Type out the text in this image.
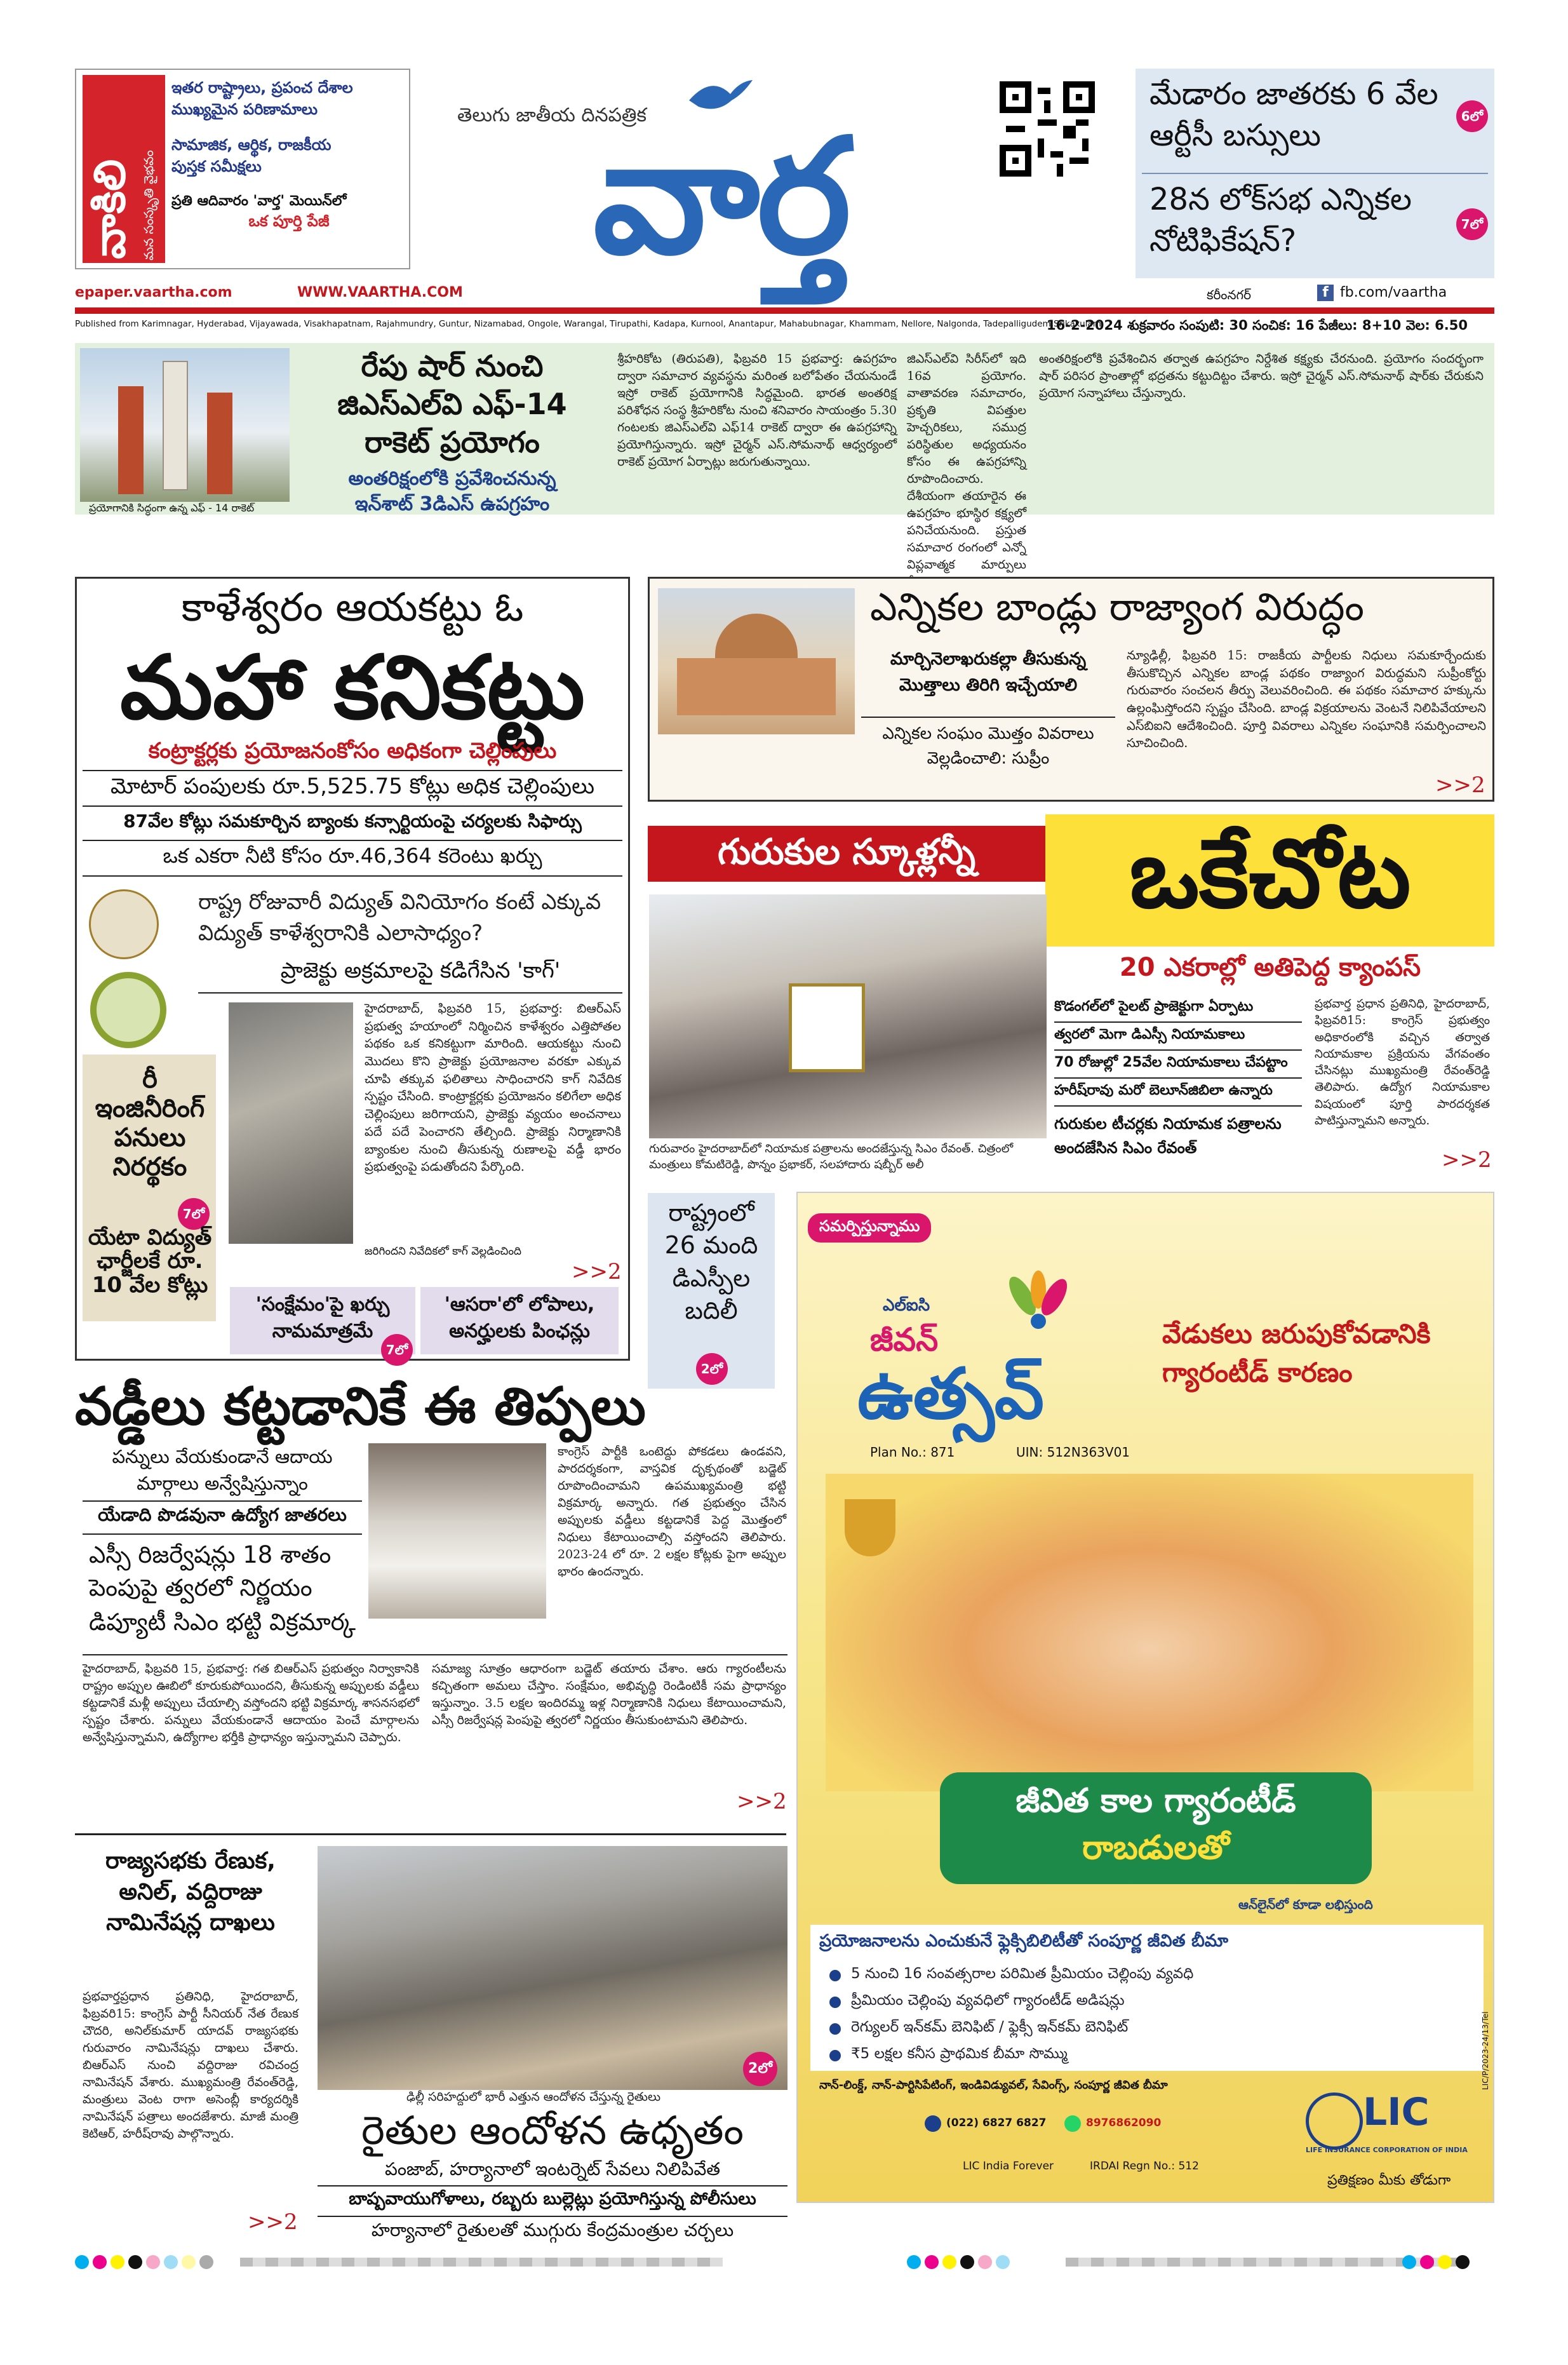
వాకిలి మన సంస్కృతి వైభవం
ఇతర రాష్ట్రాలు, ప్రపంచ దేశాల
ముఖ్యమైన పరిణామాలు
సామాజిక, ఆర్థిక, రాజకీయ
పుస్తక సమీక్షలు
ప్రతి ఆదివారం 'వార్త' మెయిన్‌లో
ఒక పూర్తి పేజీ
epaper.vaartha.com	WWW.VAARTHA.COM
తెలుగు జాతీయ దినపత్రిక
వార్త
మేడారం జాతరకు 6 వేల ఆర్టీసీ బస్సులు
6లో
28న లోక్‌సభ ఎన్నికల నోటిఫికేషన్?	7లో
కరీంనగర్	f fb.com/vaartha
Published from Karimnagar, Hyderabad, Vijayawada, Visakhapatnam, Rajahmundry, Guntur, Nizamabad, Ongole, Warangal, Tirupathi, Kadapa, Kurnool, Anantapur, Mahabubnagar, Khammam, Nellore, Nalgonda, Tadepalligudem,Srikakulam
16-2-2024 శుక్రవారం సంపుటి: 30 సంచిక: 16 పేజీలు: 8+10 వెల: 6.50
ప్రయోగానికి సిద్ధంగా ఉన్న ఎఫ్ - 14 రాకెట్
రేపు షార్ నుంచి
జిఎస్ఎల్‌వి ఎఫ్-14
రాకెట్ ప్రయోగం
అంతరిక్షంలోకి ప్రవేశించనున్న
ఇన్‌శాట్ 3డిఎస్ ఉపగ్రహం
శ్రీహరికోట (తిరుపతి), ఫిబ్రవరి 15 ప్రభవార్త: ఉపగ్రహం ద్వారా సమాచార వ్యవస్థను మరింత బలోపేతం చేయనుండే ఇస్రో రాకెట్ ప్రయోగానికి సిద్ధమైంది. భారత అంతరిక్ష పరిశోధన సంస్థ శ్రీహరికోట నుంచి శనివారం సాయంత్రం 5.30 గంటలకు జిఎస్ఎల్‌వి ఎఫ్14 రాకెట్ ద్వారా ఈ ఉపగ్రహాన్ని ప్రయోగిస్తున్నారు. ఇస్రో చైర్మన్ ఎస్.సోమనాథ్ ఆధ్వర్యంలో రాకెట్ ప్రయోగ ఏర్పాట్లు జరుగుతున్నాయి.
జిఎస్ఎల్‌వి సిరీస్‌లో ఇది 16వ ప్రయోగం. వాతావరణ సమాచారం, ప్రకృతి విపత్తుల హెచ్చరికలు, సముద్ర పరిస్థితుల అధ్యయనం కోసం ఈ ఉపగ్రహాన్ని రూపొందించారు. దేశీయంగా తయారైన ఈ ఉపగ్రహం భూస్థిర కక్ష్యలో పనిచేయనుంది. ప్రస్తుత సమాచార రంగంలో ఎన్నో విప్లవాత్మక మార్పులు
అంతరిక్షంలోకి ప్రవేశించిన తర్వాత ఉపగ్రహం నిర్దేశిత కక్ష్యకు చేరనుంది. ప్రయోగం సందర్భంగా షార్ పరిసర ప్రాంతాల్లో భద్రతను కట్టుదిట్టం చేశారు. ఇస్రో చైర్మన్ ఎస్.సోమనాథ్ షార్‌కు చేరుకుని ప్రయోగ సన్నాహాలు చేస్తున్నారు.
కాళేశ్వరం ఆయకట్టు ఓ
మహా కనికట్టు
కంట్రాక్టర్లకు ప్రయోజనంకోసం అధికంగా చెల్లింపులు
మోటార్ పంపులకు రూ.5,525.75 కోట్లు అధిక చెల్లింపులు
87వేల కోట్లు సమకూర్చిన బ్యాంకు కన్సార్టియంపై చర్యలకు సిఫార్సు
ఒక ఎకరా నీటి కోసం రూ.46,364 కరెంటు ఖర్చు
రాష్ట్ర రోజువారీ విద్యుత్ వినియోగం కంటే ఎక్కువ విద్యుత్ కాళేశ్వరానికి ఎలాసాధ్యం?
ప్రాజెక్టు అక్రమాలపై కడిగేసిన 'కాగ్'
రీ ఇంజినీరింగ్ పనులు నిరర్థకం
7లో
యేటా విద్యుత్ ఛార్జీలకే రూ. 10 వేల కోట్లు
హైదరాబాద్, ఫిబ్రవరి 15, ప్రభవార్త: బిఆర్ఎస్ ప్రభుత్వ హయాంలో నిర్మించిన కాళేశ్వరం ఎత్తిపోతల పథకం ఒక కనికట్టుగా మారింది. ఆయకట్టు నుంచి మొదలు కొని ప్రాజెక్టు ప్రయోజనాల వరకూ ఎక్కువ చూపి తక్కువ ఫలితాలు సాధించారని కాగ్ నివేదిక స్పష్టం చేసింది. కాంట్రాక్టర్లకు ప్రయోజనం కలిగేలా అధిక చెల్లింపులు జరిగాయని, ప్రాజెక్టు వ్యయం అంచనాలు పదే పదే పెంచారని తేల్చింది. ప్రాజెక్టు నిర్మాణానికి బ్యాంకుల నుంచి తీసుకున్న రుణాలపై వడ్డీ భారం ప్రభుత్వంపై పడుతోందని పేర్కొంది.
జరిగిందని నివేదికలో కాగ్ వెల్లడించింది
>>2
'సంక్షేమం'పై ఖర్చు నామమాత్రమే
7లో
'ఆసరా'లో లోపాలు, అనర్హులకు పింఛన్లు
ఎన్నికల బాండ్లు రాజ్యాంగ విరుద్ధం
మార్చినెలాఖరుకల్లా తీసుకున్న మొత్తాలు తిరిగి ఇచ్చేయాలి
ఎన్నికల సంఘం మొత్తం వివరాలు వెల్లడించాలి: సుప్రీం
న్యూఢిల్లీ, ఫిబ్రవరి 15: రాజకీయ పార్టీలకు నిధులు సమకూర్చేందుకు తీసుకొచ్చిన ఎన్నికల బాండ్ల పథకం రాజ్యాంగ విరుద్ధమని సుప్రీంకోర్టు గురువారం సంచలన తీర్పు వెలువరించింది. ఈ పథకం సమాచార హక్కును ఉల్లంఘిస్తోందని స్పష్టం చేసింది. బాండ్ల విక్రయాలను వెంటనే నిలిపివేయాలని ఎస్‌బిఐని ఆదేశించింది. పూర్తి వివరాలు ఎన్నికల సంఘానికి సమర్పించాలని సూచించింది.
>>2
గురుకుల స్కూళ్లన్నీ	ఒకేచోట
20 ఎకరాల్లో అతిపెద్ద క్యాంపస్
గురువారం హైదరాబాద్‌లో నియామక పత్రాలను అందజేస్తున్న సిఎం రేవంత్. చిత్రంలో మంత్రులు కోమటిరెడ్డి, పొన్నం ప్రభాకర్, సలహాదారు షబ్బీర్ అలీ
కొడంగల్‌లో పైలట్ ప్రాజెక్టుగా ఏర్పాటు
త్వరలో మెగా డిఎస్సీ నియామకాలు
70 రోజుల్లో 25వేల నియామకాలు చేపట్టాం
హరీష్‌రావు మరో బెలూన్‌జిబిలా ఉన్నారు
గురుకుల టీచర్లకు నియామక పత్రాలను అందజేసిన సిఎం రేవంత్
ప్రభవార్త ప్రధాన ప్రతినిధి, హైదరాబాద్, ఫిబ్రవరి15: కాంగ్రెస్ ప్రభుత్వం అధికారంలోకి వచ్చిన తర్వాత నియామకాల ప్రక్రియను వేగవంతం చేసినట్లు ముఖ్యమంత్రి రేవంత్‌రెడ్డి తెలిపారు. ఉద్యోగ నియామకాల విషయంలో పూర్తి పారదర్శకత పాటిస్తున్నామని అన్నారు.
>>2
రాష్ట్రంలో 26 మంది డిఎస్పీల బదిలీ
2లో
సమర్పిస్తున్నాము
ఎల్ఐసి
జీవన్
ఉత్సవ్
Plan No.: 871	UIN: 512N363V01
వేడుకలు జరుపుకోవడానికి గ్యారంటీడ్ కారణం
జీవిత కాల గ్యారంటీడ్
రాబడులతో
ఆన్‌లైన్‌లో కూడా లభిస్తుంది
ప్రయోజనాలను ఎంచుకునే ఫ్లెక్సిబిలిటీతో సంపూర్ణ జీవిత బీమా
5 నుంచి 16 సంవత్సరాల పరిమిత ప్రీమియం చెల్లింపు వ్యవధి
ప్రీమియం చెల్లింపు వ్యవధిలో గ్యారంటీడ్ అడిషన్లు
రెగ్యులర్ ఇన్‌కమ్ బెనిఫిట్ / ఫ్లెక్సీ ఇన్‌కమ్ బెనిఫిట్
₹5 లక్షల కనీస ప్రాథమిక బీమా సొమ్ము
నాన్-లింక్డ్, నాన్-పార్టిసిపేటింగ్, ఇండివిడ్యువల్, సేవింగ్స్, సంపూర్ణ జీవిత బీమా
(022) 6827 6827	8976862090
LIC India Forever	IRDAI Regn No.: 512
LIC
LIFE INSURANCE CORPORATION OF INDIA
ప్రతిక్షణం మీకు తోడుగా
LIC/P/2023-24/13/Tel
వడ్డీలు కట్టడానికే ఈ తిప్పలు
పన్నులు వేయకుండానే ఆదాయ మార్గాలు అన్వేషిస్తున్నాం
యేడాది పొడవునా ఉద్యోగ జాతరలు
ఎస్సీ రిజర్వేషన్లు 18 శాతం పెంపుపై త్వరలో నిర్ణయం
డిప్యూటీ సిఎం భట్టి విక్రమార్క
కాంగ్రెస్ పార్టీకి ఒంటెద్దు పోకడలు ఉండవని, పారదర్శకంగా, వాస్తవిక దృక్పథంతో బడ్జెట్ రూపొందించామని ఉపముఖ్యమంత్రి భట్టి విక్రమార్క అన్నారు. గత ప్రభుత్వం చేసిన అప్పులకు వడ్డీలు కట్టడానికే పెద్ద మొత్తంలో నిధులు కేటాయించాల్సి వస్తోందని తెలిపారు. 2023-24 లో రూ. 2 లక్షల కోట్లకు పైగా అప్పుల భారం ఉందన్నారు.
హైదరాబాద్, ఫిబ్రవరి 15, ప్రభవార్త: గత బిఆర్ఎస్ ప్రభుత్వం నిర్వాకానికి రాష్ట్రం అప్పుల ఊబిలో కూరుకుపోయిందని, తీసుకున్న అప్పులకు వడ్డీలు కట్టడానికే మళ్లీ అప్పులు చేయాల్సి వస్తోందని భట్టి విక్రమార్క శాసనసభలో స్పష్టం చేశారు. పన్నులు వేయకుండానే ఆదాయం పెంచే మార్గాలను అన్వేషిస్తున్నామని, ఉద్యోగాల భర్తీకి ప్రాధాన్యం ఇస్తున్నామని చెప్పారు.
సమాజ్య సూత్రం ఆధారంగా బడ్జెట్ తయారు చేశాం. ఆరు గ్యారంటీలను కచ్చితంగా అమలు చేస్తాం. సంక్షేమం, అభివృద్ధి రెండింటికీ సమ ప్రాధాన్యం ఇస్తున్నాం. 3.5 లక్షల ఇందిరమ్మ ఇళ్ల నిర్మాణానికి నిధులు కేటాయించామని, ఎస్సీ రిజర్వేషన్ల పెంపుపై త్వరలో నిర్ణయం తీసుకుంటామని తెలిపారు.
>>2
రాజ్యసభకు రేణుక, అనిల్, వద్దిరాజు నామినేషన్ల దాఖలు
ప్రభవార్తప్రధాన ప్రతినిధి, హైదరాబాద్, ఫిబ్రవరి15: కాంగ్రెస్ పార్టీ సీనియర్ నేత రేణుక చౌదరి, అనిల్‌కుమార్ యాదవ్ రాజ్యసభకు గురువారం నామినేషన్లు దాఖలు చేశారు. బిఆర్ఎస్ నుంచి వద్దిరాజు రవిచంద్ర నామినేషన్ వేశారు. ముఖ్యమంత్రి రేవంత్‌రెడ్డి, మంత్రులు వెంట రాగా అసెంబ్లీ కార్యదర్శికి నామినేషన్ పత్రాలు అందజేశారు. మాజీ మంత్రి కెటిఆర్, హరీష్‌రావు పాల్గొన్నారు.
>>2
ఢిల్లీ సరిహద్దులో భారీ ఎత్తున ఆందోళన చేస్తున్న రైతులు
2లో
రైతుల ఆందోళన ఉధృతం
పంజాబ్, హర్యానాలో ఇంటర్నెట్ సేవలు నిలిపివేత
బాష్పవాయుగోళాలు, రబ్బరు బుల్లెట్లు ప్రయోగిస్తున్న పోలీసులు
హర్యానాలో రైతులతో ముగ్గురు కేంద్రమంత్రుల చర్చలు
